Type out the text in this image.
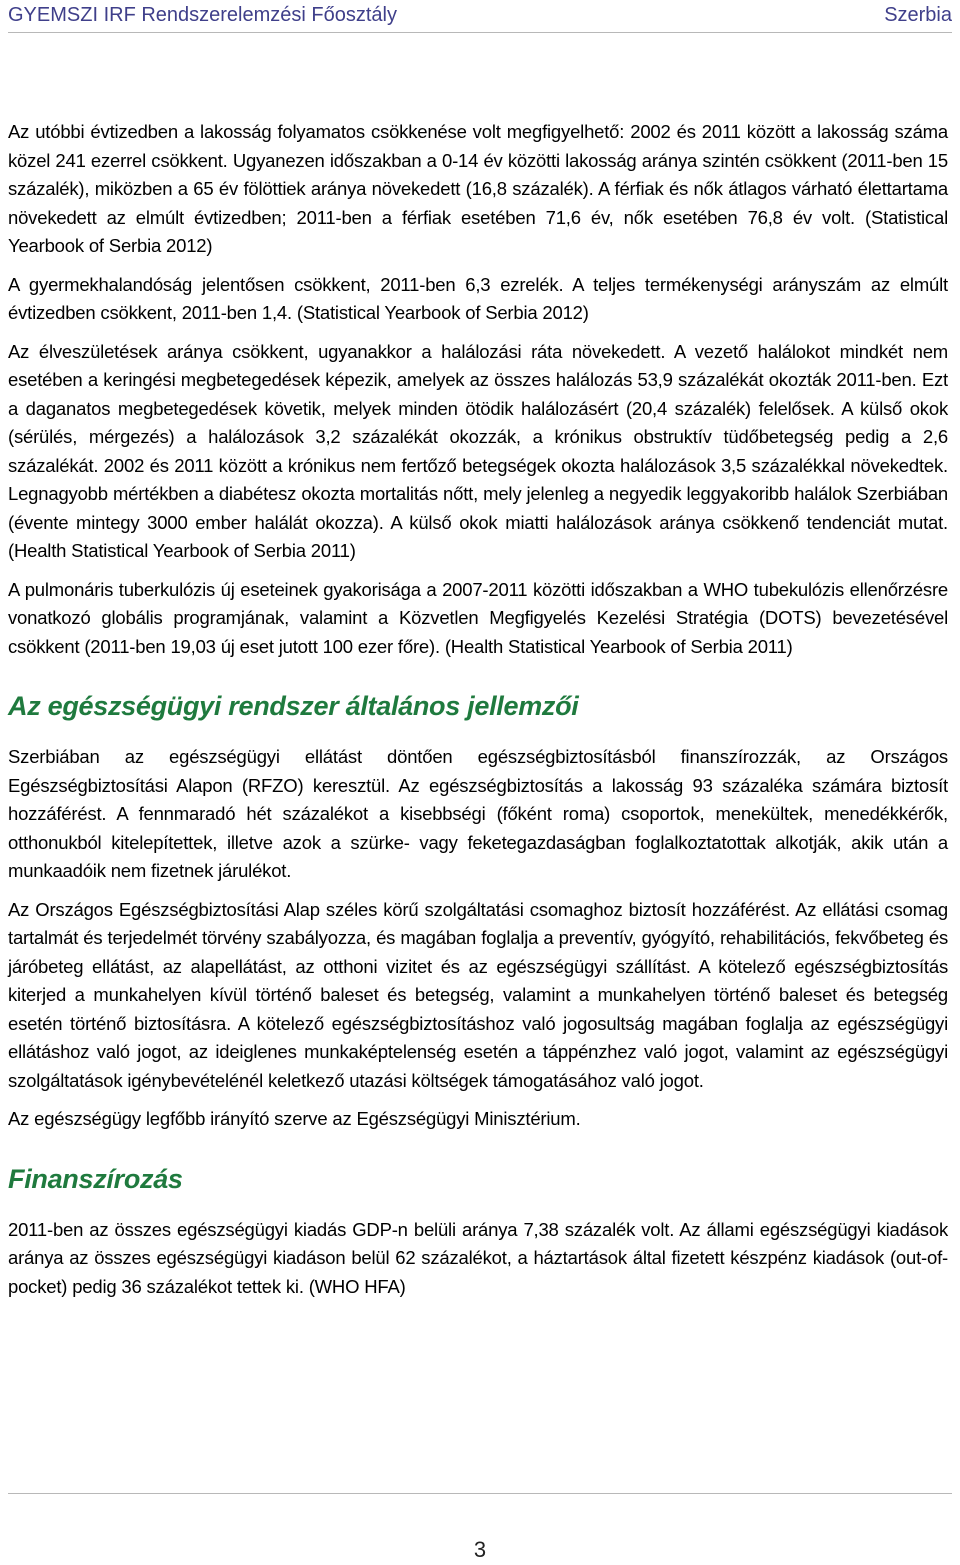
GYEMSZI IRF Rendszerelemzési Főosztály	Szerbia

Az utóbbi évtizedben a lakosság folyamatos csökkenése volt megfigyelhető: 2002 és 2011 között a lakosság száma közel 241 ezerrel csökkent. Ugyanezen időszakban a 0-14 év közötti lakosság aránya szintén csökkent (2011-ben 15 százalék), miközben a 65 év fölöttiek aránya növekedett (16,8 százalék). A férfiak és nők átlagos várható élettartama növekedett az elmúlt évtizedben; 2011-ben a férfiak esetében 71,6 év, nők esetében 76,8 év volt. (Statistical Yearbook of Serbia 2012)

A gyermekhalandóság jelentősen csökkent, 2011-ben 6,3 ezrelék. A teljes termékenységi arányszám az elmúlt évtizedben csökkent, 2011-ben 1,4. (Statistical Yearbook of Serbia 2012)

Az élveszületések aránya csökkent, ugyanakkor a halálozási ráta növekedett. A vezető halálokot mindkét nem esetében a keringési megbetegedések képezik, amelyek az összes halálozás 53,9 százalékát okozták 2011-ben. Ezt a daganatos megbetegedések követik, melyek minden ötödik halálozásért (20,4 százalék) felelősek. A külső okok (sérülés, mérgezés) a halálozások 3,2 százalékát okozzák, a krónikus obstruktív tüdőbetegség pedig a 2,6 százalékát. 2002 és 2011 között a krónikus nem fertőző betegségek okozta halálozások 3,5 százalékkal növekedtek. Legnagyobb mértékben a diabétesz okozta mortalitás nőtt, mely jelenleg a negyedik leggyakoribb halálok Szerbiában (évente mintegy 3000 ember halálát okozza). A külső okok miatti halálozások aránya csökkenő tendenciát mutat. (Health Statistical Yearbook of Serbia 2011)

A pulmonáris tuberkulózis új eseteinek gyakorisága a 2007-2011 közötti időszakban a WHO tubekulózis ellenőrzésre vonatkozó globális programjának, valamint a Közvetlen Megfigyelés Kezelési Stratégia (DOTS) bevezetésével csökkent (2011-ben 19,03 új eset jutott 100 ezer főre). (Health Statistical Yearbook of Serbia 2011)

Az egészségügyi rendszer általános jellemzői

Szerbiában az egészségügyi ellátást döntően egészségbiztosításból finanszírozzák, az Országos Egészségbiztosítási Alapon (RFZO) keresztül. Az egészségbiztosítás a lakosság 93 százaléka számára biztosít hozzáférést. A fennmaradó hét százalékot a kisebbségi (főként roma) csoportok, menekültek, menedékkérők, otthonukból kitelepítettek, illetve azok a szürke- vagy feketegazdaságban foglalkoztatottak alkotják, akik után a munkaadóik nem fizetnek járulékot.

Az Országos Egészségbiztosítási Alap széles körű szolgáltatási csomaghoz biztosít hozzáférést. Az ellátási csomag tartalmát és terjedelmét törvény szabályozza, és magában foglalja a preventív, gyógyító, rehabilitációs, fekvőbeteg és járóbeteg ellátást, az alapellátást, az otthoni vizitet és az egészségügyi szállítást. A kötelező egészségbiztosítás kiterjed a munkahelyen kívül történő baleset és betegség, valamint a munkahelyen történő baleset és betegség esetén történő biztosításra. A kötelező egészségbiztosításhoz való jogosultság magában foglalja az egészségügyi ellátáshoz való jogot, az ideiglenes munkaképtelenség esetén a táppénzhez való jogot, valamint az egészségügyi szolgáltatások igénybevételénél keletkező utazási költségek támogatásához való jogot.

Az egészségügy legfőbb irányító szerve az Egészségügyi Minisztérium.

Finanszírozás

2011-ben az összes egészségügyi kiadás GDP-n belüli aránya 7,38 százalék volt. Az állami egészségügyi kiadások aránya az összes egészségügyi kiadáson belül 62 százalékot, a háztartások által fizetett készpénz kiadások (out-of-pocket) pedig 36 százalékot tettek ki. (WHO HFA)

3
